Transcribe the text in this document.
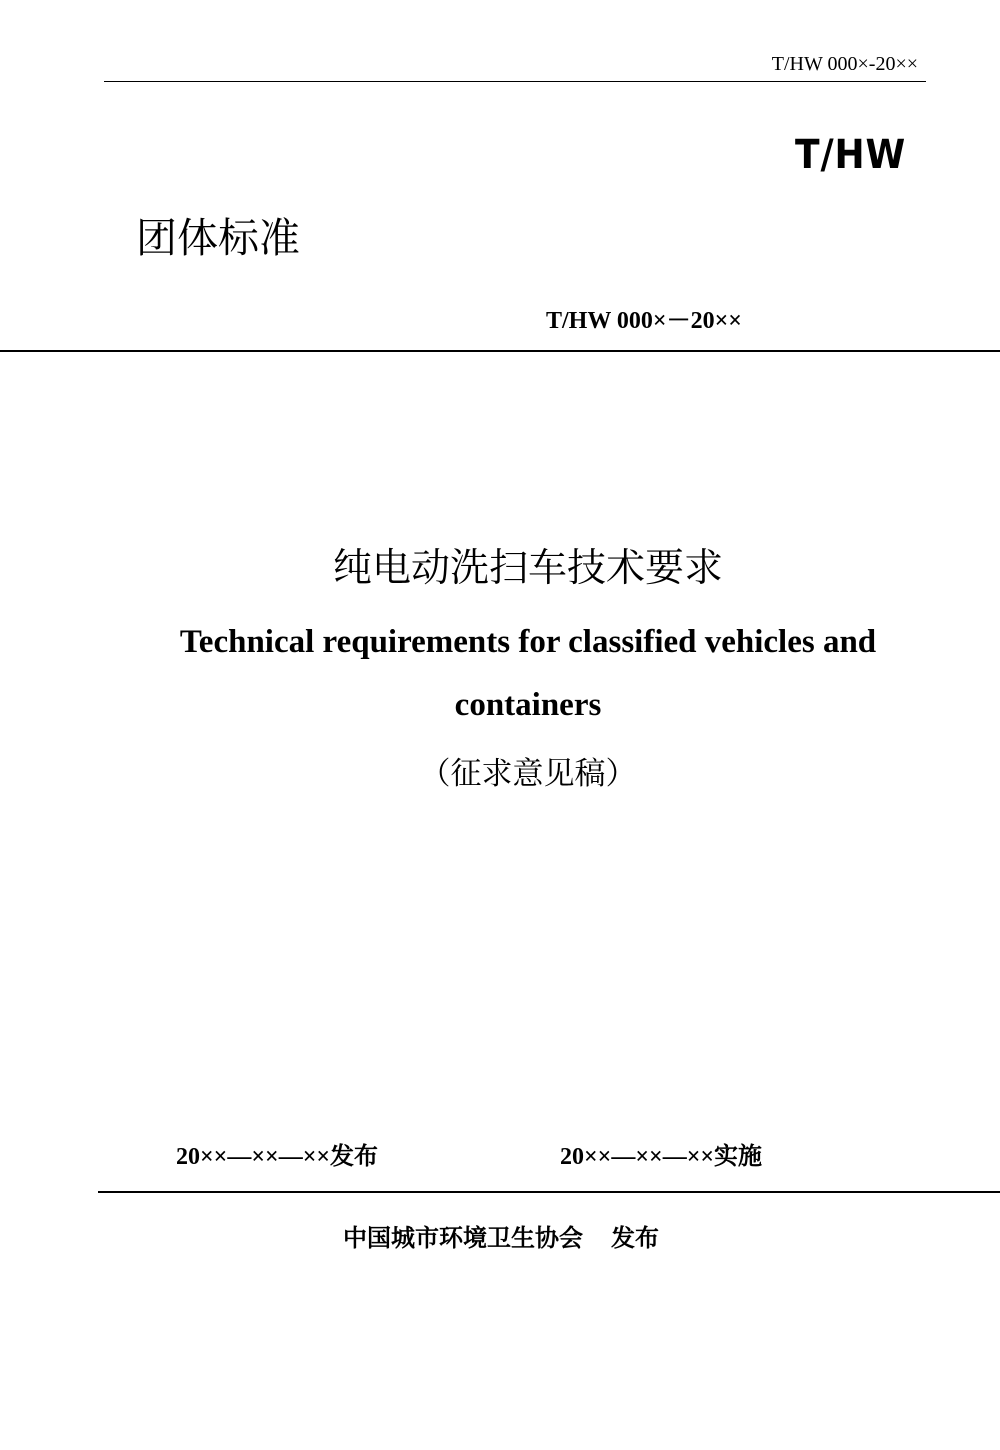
T/HW 000×-20××
T/HW
团体标准
T/HW 000×－20××
纯电动洗扫车技术要求
Technical requirements for classified vehicles and
containers
（征求意见稿）
20××—××—××发布	20××—××—××实施
中国城市环境卫生协会 发布
